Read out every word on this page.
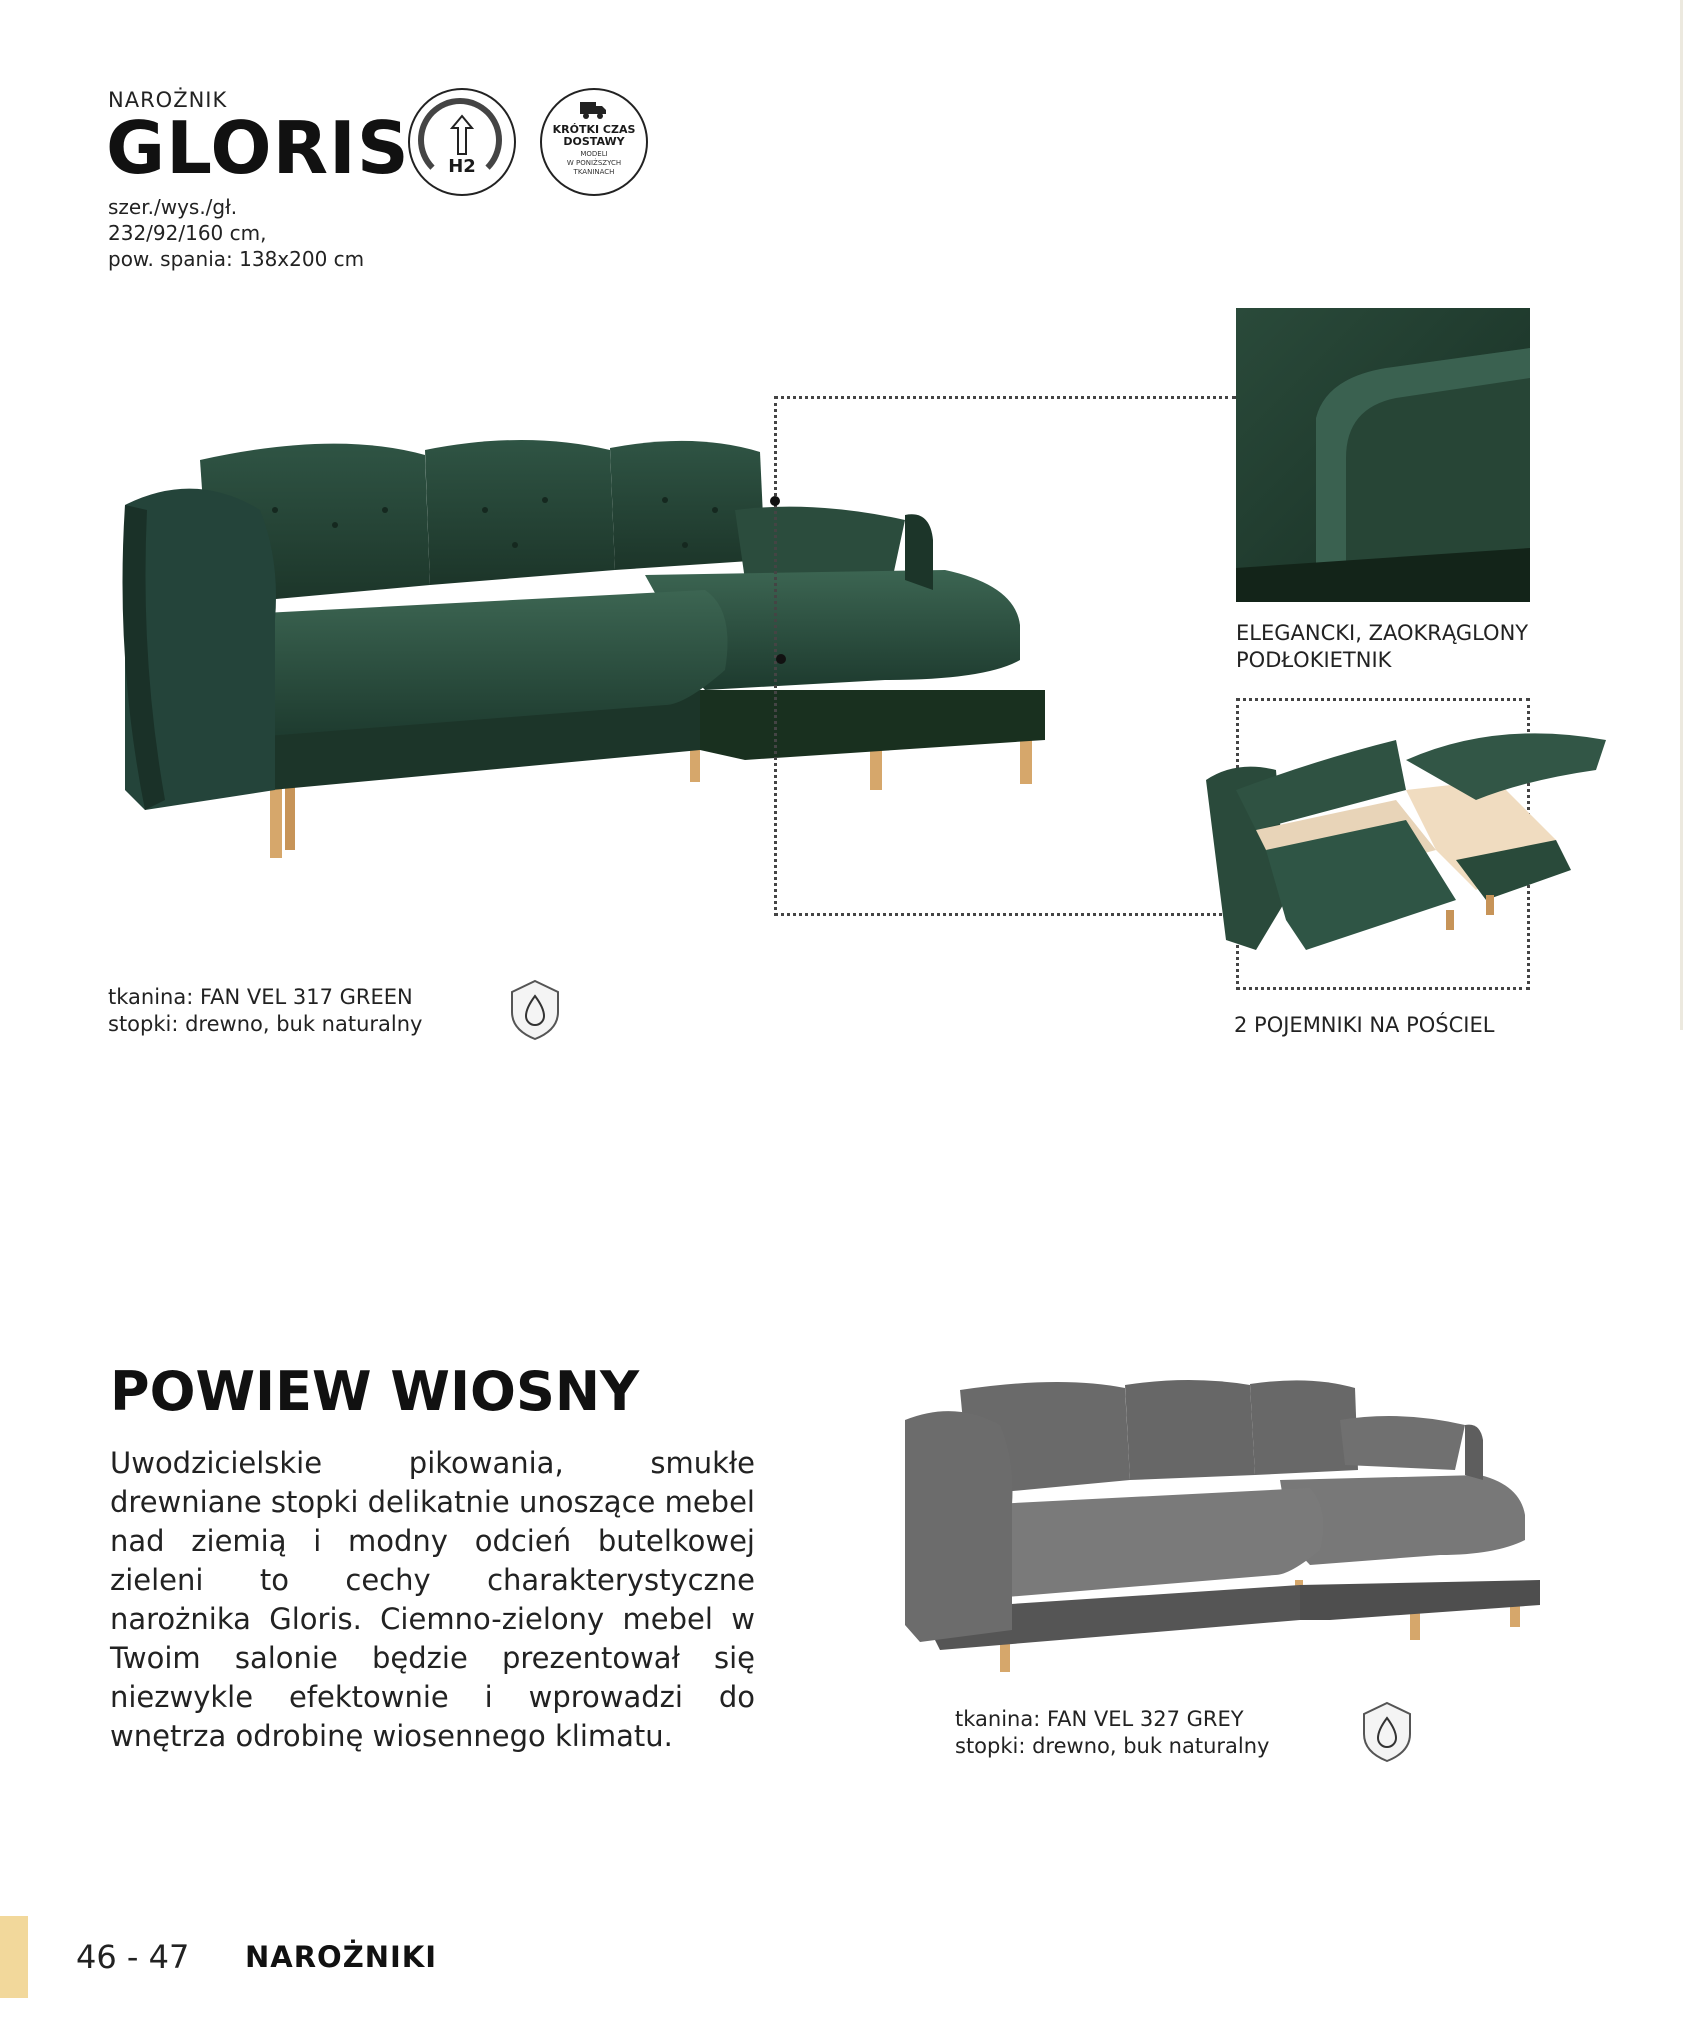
NAROŻNIK
GLORIS
szer./wys./gł.
232/92/160 cm,
pow. spania: 138x200 cm
H2
KRÓTKI CZAS
DOSTAWY
MODELI
W PONIŻSZYCH
TKANINACH
ELEGANCKI, ZAOKRĄGLONY
PODŁOKIETNIK
2 POJEMNIKI NA POŚCIEL
tkanina: FAN VEL 317 GREEN
stopki: drewno, buk naturalny
POWIEW WIOSNY
Uwodzicielskie pikowania, smukłe drewniane stopki delikatnie unoszące mebel nad ziemią i modny odcień butelkowej zieleni to cechy charakterystyczne narożnika Gloris. Ciemno-zielony mebel w Twoim salonie będzie prezentował się niezwykle efektownie i wprowadzi do wnętrza odrobinę wiosennego klimatu.	tkanina: FAN VEL 327 GREY
stopki: drewno, buk naturalny
46 - 47 NAROŻNIKI
